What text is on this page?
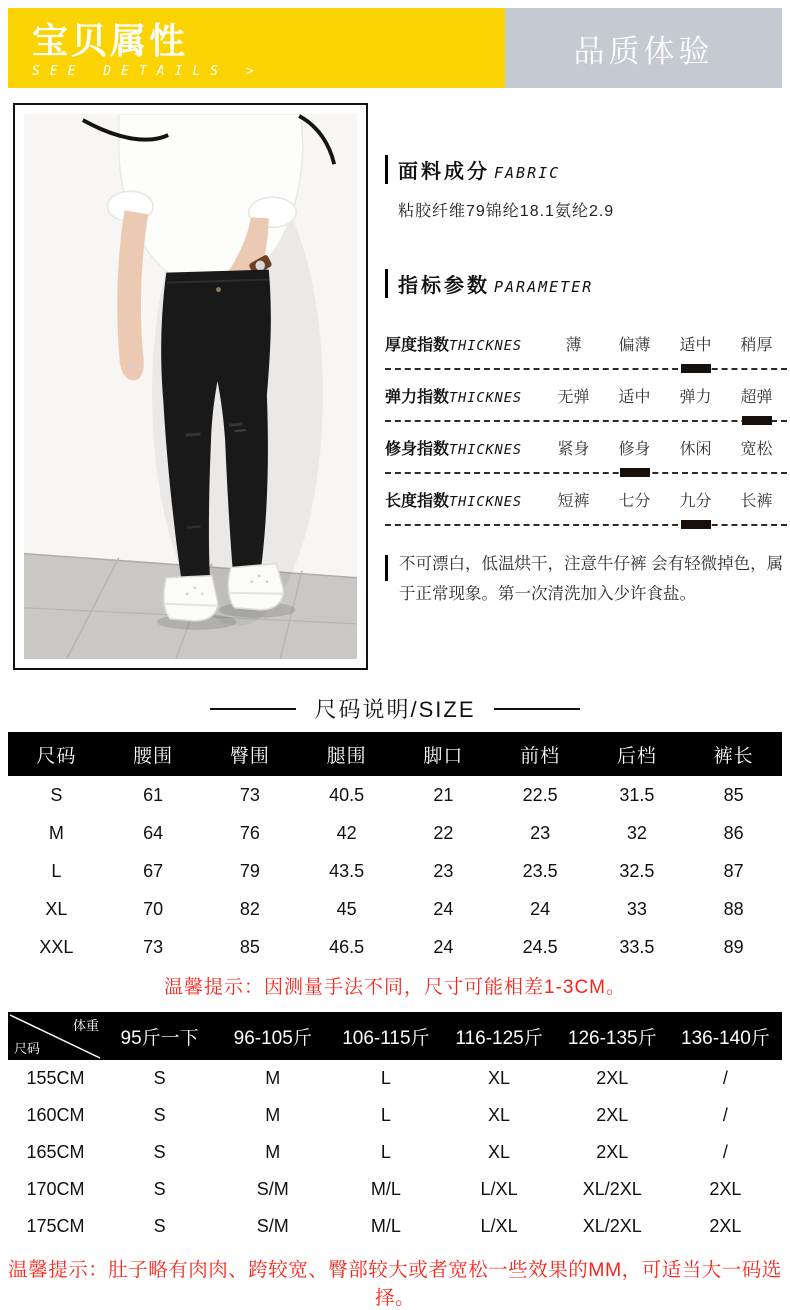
宝贝属性
SEE DETAILS >
品质体验
面料成分 FABRIC
粘胶纤维79锦纶18.1氨纶2.9
指标参数 PARAMETER
厚度指数THICKNES	薄	偏薄	适中	稍厚
弹力指数THICKNES	无弹	适中	弹力	超弹
修身指数THICKNES	紧身	修身	休闲	宽松
长度指数THICKNES	短裤	七分	九分	长裤
不可漂白，低温烘干，注意牛仔裤 会有轻微掉色，属于正常现象。第一次清洗加入少许食盐。
尺码说明/SIZE
尺码	腰围	臀围	腿围	脚口	前档	后档	裤长
S	61	73	40.5	21	22.5	31.5	85
M	64	76	42	22	23	32	86
L	67	79	43.5	23	23.5	32.5	87
XL	70	82	45	24	24	33	88
XXL	73	85	46.5	24	24.5	33.5	89
温馨提示：因测量手法不同，尺寸可能相差1-3CM。
体重
尺码	95斤一下	96-105斤	106-115斤	116-125斤	126-135斤	136-140斤
155CM	S	M	L	XL	2XL	/
160CM	S	M	L	XL	2XL	/
165CM	S	M	L	XL	2XL	/
170CM	S	S/M	M/L	L/XL	XL/2XL	2XL
175CM	S	S/M	M/L	L/XL	XL/2XL	2XL
温馨提示：肚子略有肉肉、跨较宽、臀部较大或者宽松一些效果的MM，可适当大一码选择。
